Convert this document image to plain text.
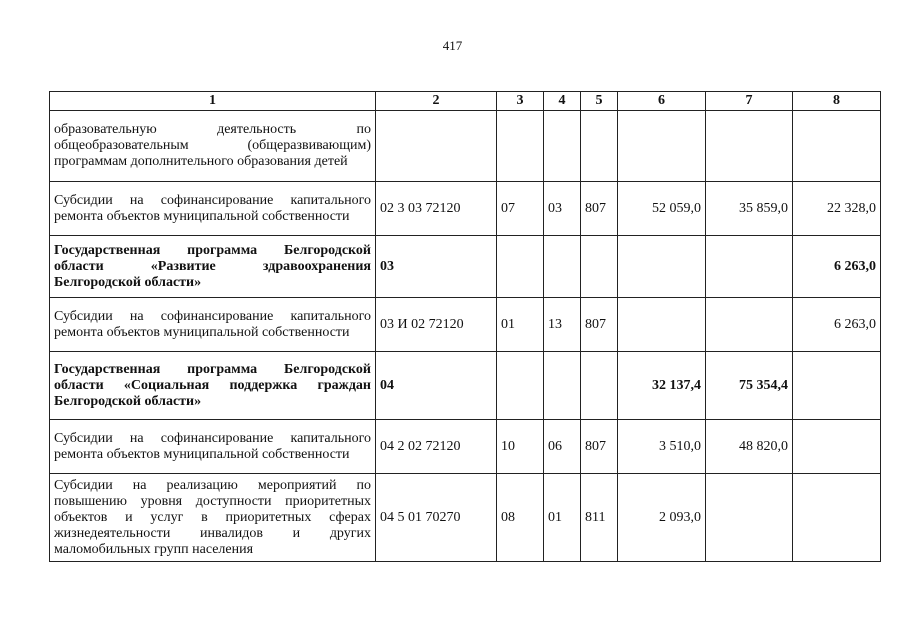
417
1	2	3	4	5	6	7	8
образовательную деятельность по общеобразовательным (общеразвивающим) программам дополнительного образования детей							
Субсидии на софинансирование капитального ремонта объектов муниципальной собственности	02 3 03 72120	07	03	807	52 059,0	35 859,0	22 328,0
Государственная программа Белгородской области «Развитие здравоохранения Белгородской области»	03						6 263,0
Субсидии на софинансирование капитального ремонта объектов муниципальной собственности	03 И 02 72120	01	13	807			6 263,0
Государственная программа Белгородской области «Социальная поддержка граждан Белгородской области»	04				32 137,4	75 354,4	
Субсидии на софинансирование капитального ремонта объектов муниципальной собственности	04 2 02 72120	10	06	807	3 510,0	48 820,0	
Субсидии на реализацию мероприятий по повышению уровня доступности приоритетных объектов и услуг в приоритетных сферах жизнедеятельности инвалидов и других маломобильных групп населения	04 5 01 70270	08	01	811	2 093,0		
